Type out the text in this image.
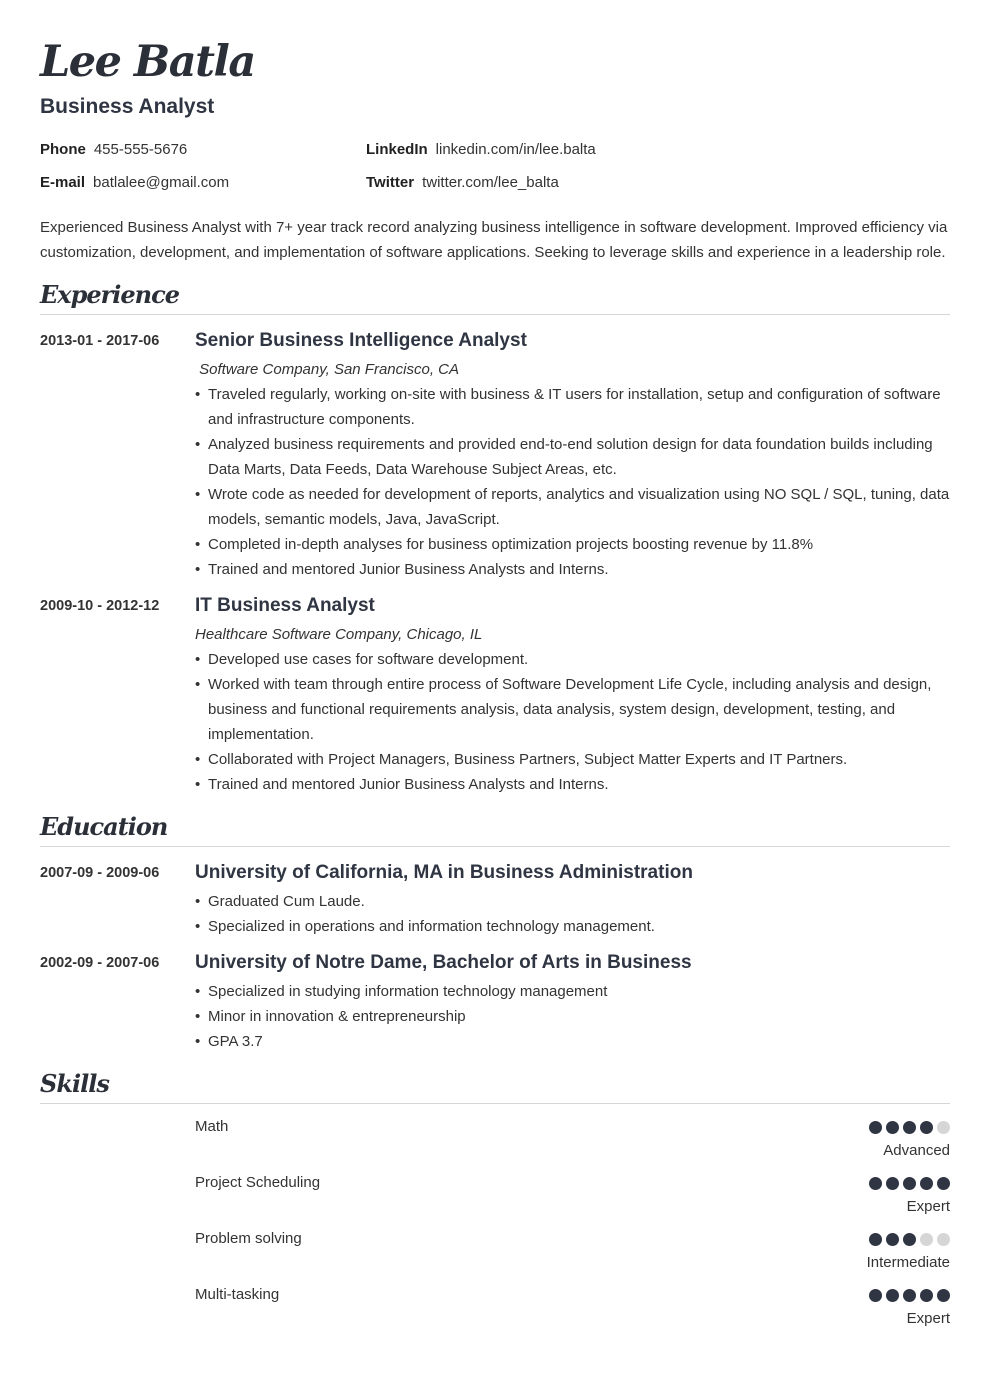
Lee Batla
Business Analyst
Phone 455-555-5676	LinkedIn linkedin.com/in/lee.balta
E-mail batlalee@gmail.com	Twitter twitter.com/lee_balta
Experienced Business Analyst with 7+ year track record analyzing business intelligence in software development. Improved efficiency via customization, development, and implementation of software applications. Seeking to leverage skills and experience in a leadership role.
Experience
2013-01 - 2017-06 Senior Business Intelligence Analyst
Software Company, San Francisco, CA
• Traveled regularly, working on-site with business & IT users for installation, setup and configuration of software and infrastructure components.
• Analyzed business requirements and provided end-to-end solution design for data foundation builds including Data Marts, Data Feeds, Data Warehouse Subject Areas, etc.
• Wrote code as needed for development of reports, analytics and visualization using NO SQL / SQL, tuning, data models, semantic models, Java, JavaScript.
• Completed in-depth analyses for business optimization projects boosting revenue by 11.8%
• Trained and mentored Junior Business Analysts and Interns.
2009-10 - 2012-12 IT Business Analyst
Healthcare Software Company, Chicago, IL
• Developed use cases for software development.
• Worked with team through entire process of Software Development Life Cycle, including analysis and design, business and functional requirements analysis, data analysis, system design, development, testing, and implementation.
• Collaborated with Project Managers, Business Partners, Subject Matter Experts and IT Partners.
• Trained and mentored Junior Business Analysts and Interns.
Education
2007-09 - 2009-06 University of California, MA in Business Administration
• Graduated Cum Laude.
• Specialized in operations and information technology management.
2002-09 - 2007-06 University of Notre Dame, Bachelor of Arts in Business
• Specialized in studying information technology management
• Minor in innovation & entrepreneurship
• GPA 3.7
Skills
Math
Advanced
Project Scheduling
Expert
Problem solving
Intermediate
Multi-tasking
Expert
